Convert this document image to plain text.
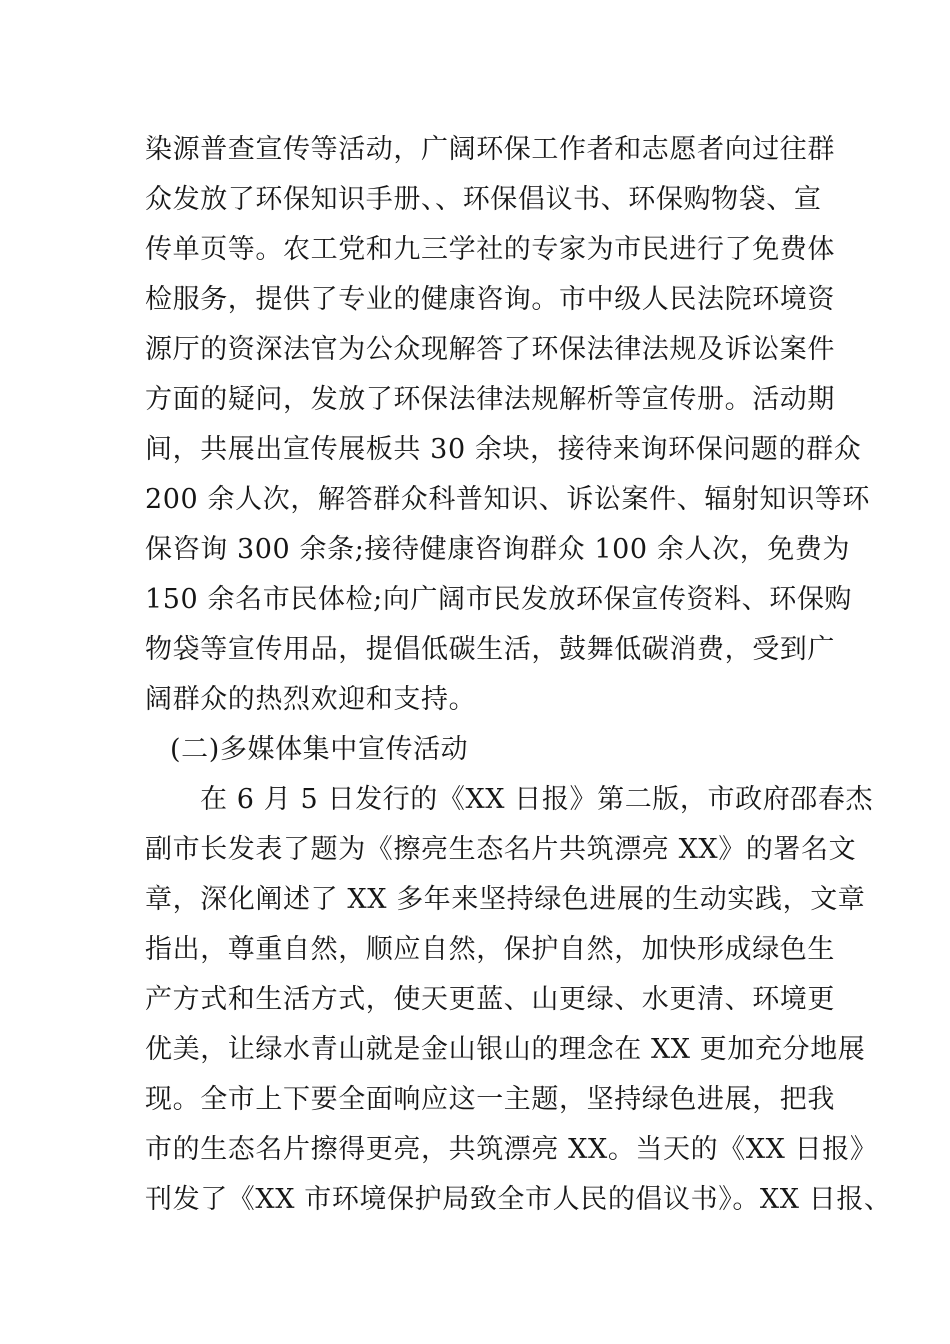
染源普查宣传等活动，广阔环保工作者和志愿者向过往群
众发放了环保知识手册、、环保倡议书、环保购物袋、宣
传单页等。农工党和九三学社的专家为市民进行了免费体
检服务，提供了专业的健康咨询。市中级人民法院环境资
源厅的资深法官为公众现解答了环保法律法规及诉讼案件
方面的疑问，发放了环保法律法规解析等宣传册。活动期
间，共展出宣传展板共 30 余块，接待来询环保问题的群众
200 余人次，解答群众科普知识、诉讼案件、辐射知识等环
保咨询 300 余条;接待健康咨询群众 100 余人次，免费为
150 余名市民体检;向广阔市民发放环保宣传资料、环保购
物袋等宣传用品，提倡低碳生活，鼓舞低碳消费，受到广
阔群众的热烈欢迎和支持。
(二)多媒体集中宣传活动
在 6 月 5 日发行的《XX 日报》第二版，市政府邵春杰
副市长发表了题为《擦亮生态名片共筑漂亮 XX》的署名文
章，深化阐述了 XX 多年来坚持绿色进展的生动实践，文章
指出，尊重自然，顺应自然，保护自然，加快形成绿色生
产方式和生活方式，使天更蓝、山更绿、水更清、环境更
优美，让绿水青山就是金山银山的理念在 XX 更加充分地展
现。全市上下要全面响应这一主题，坚持绿色进展，把我
市的生态名片擦得更亮，共筑漂亮 XX。当天的《XX 日报》
刊发了《XX 市环境保护局致全市人民的倡议书》。XX 日报、
